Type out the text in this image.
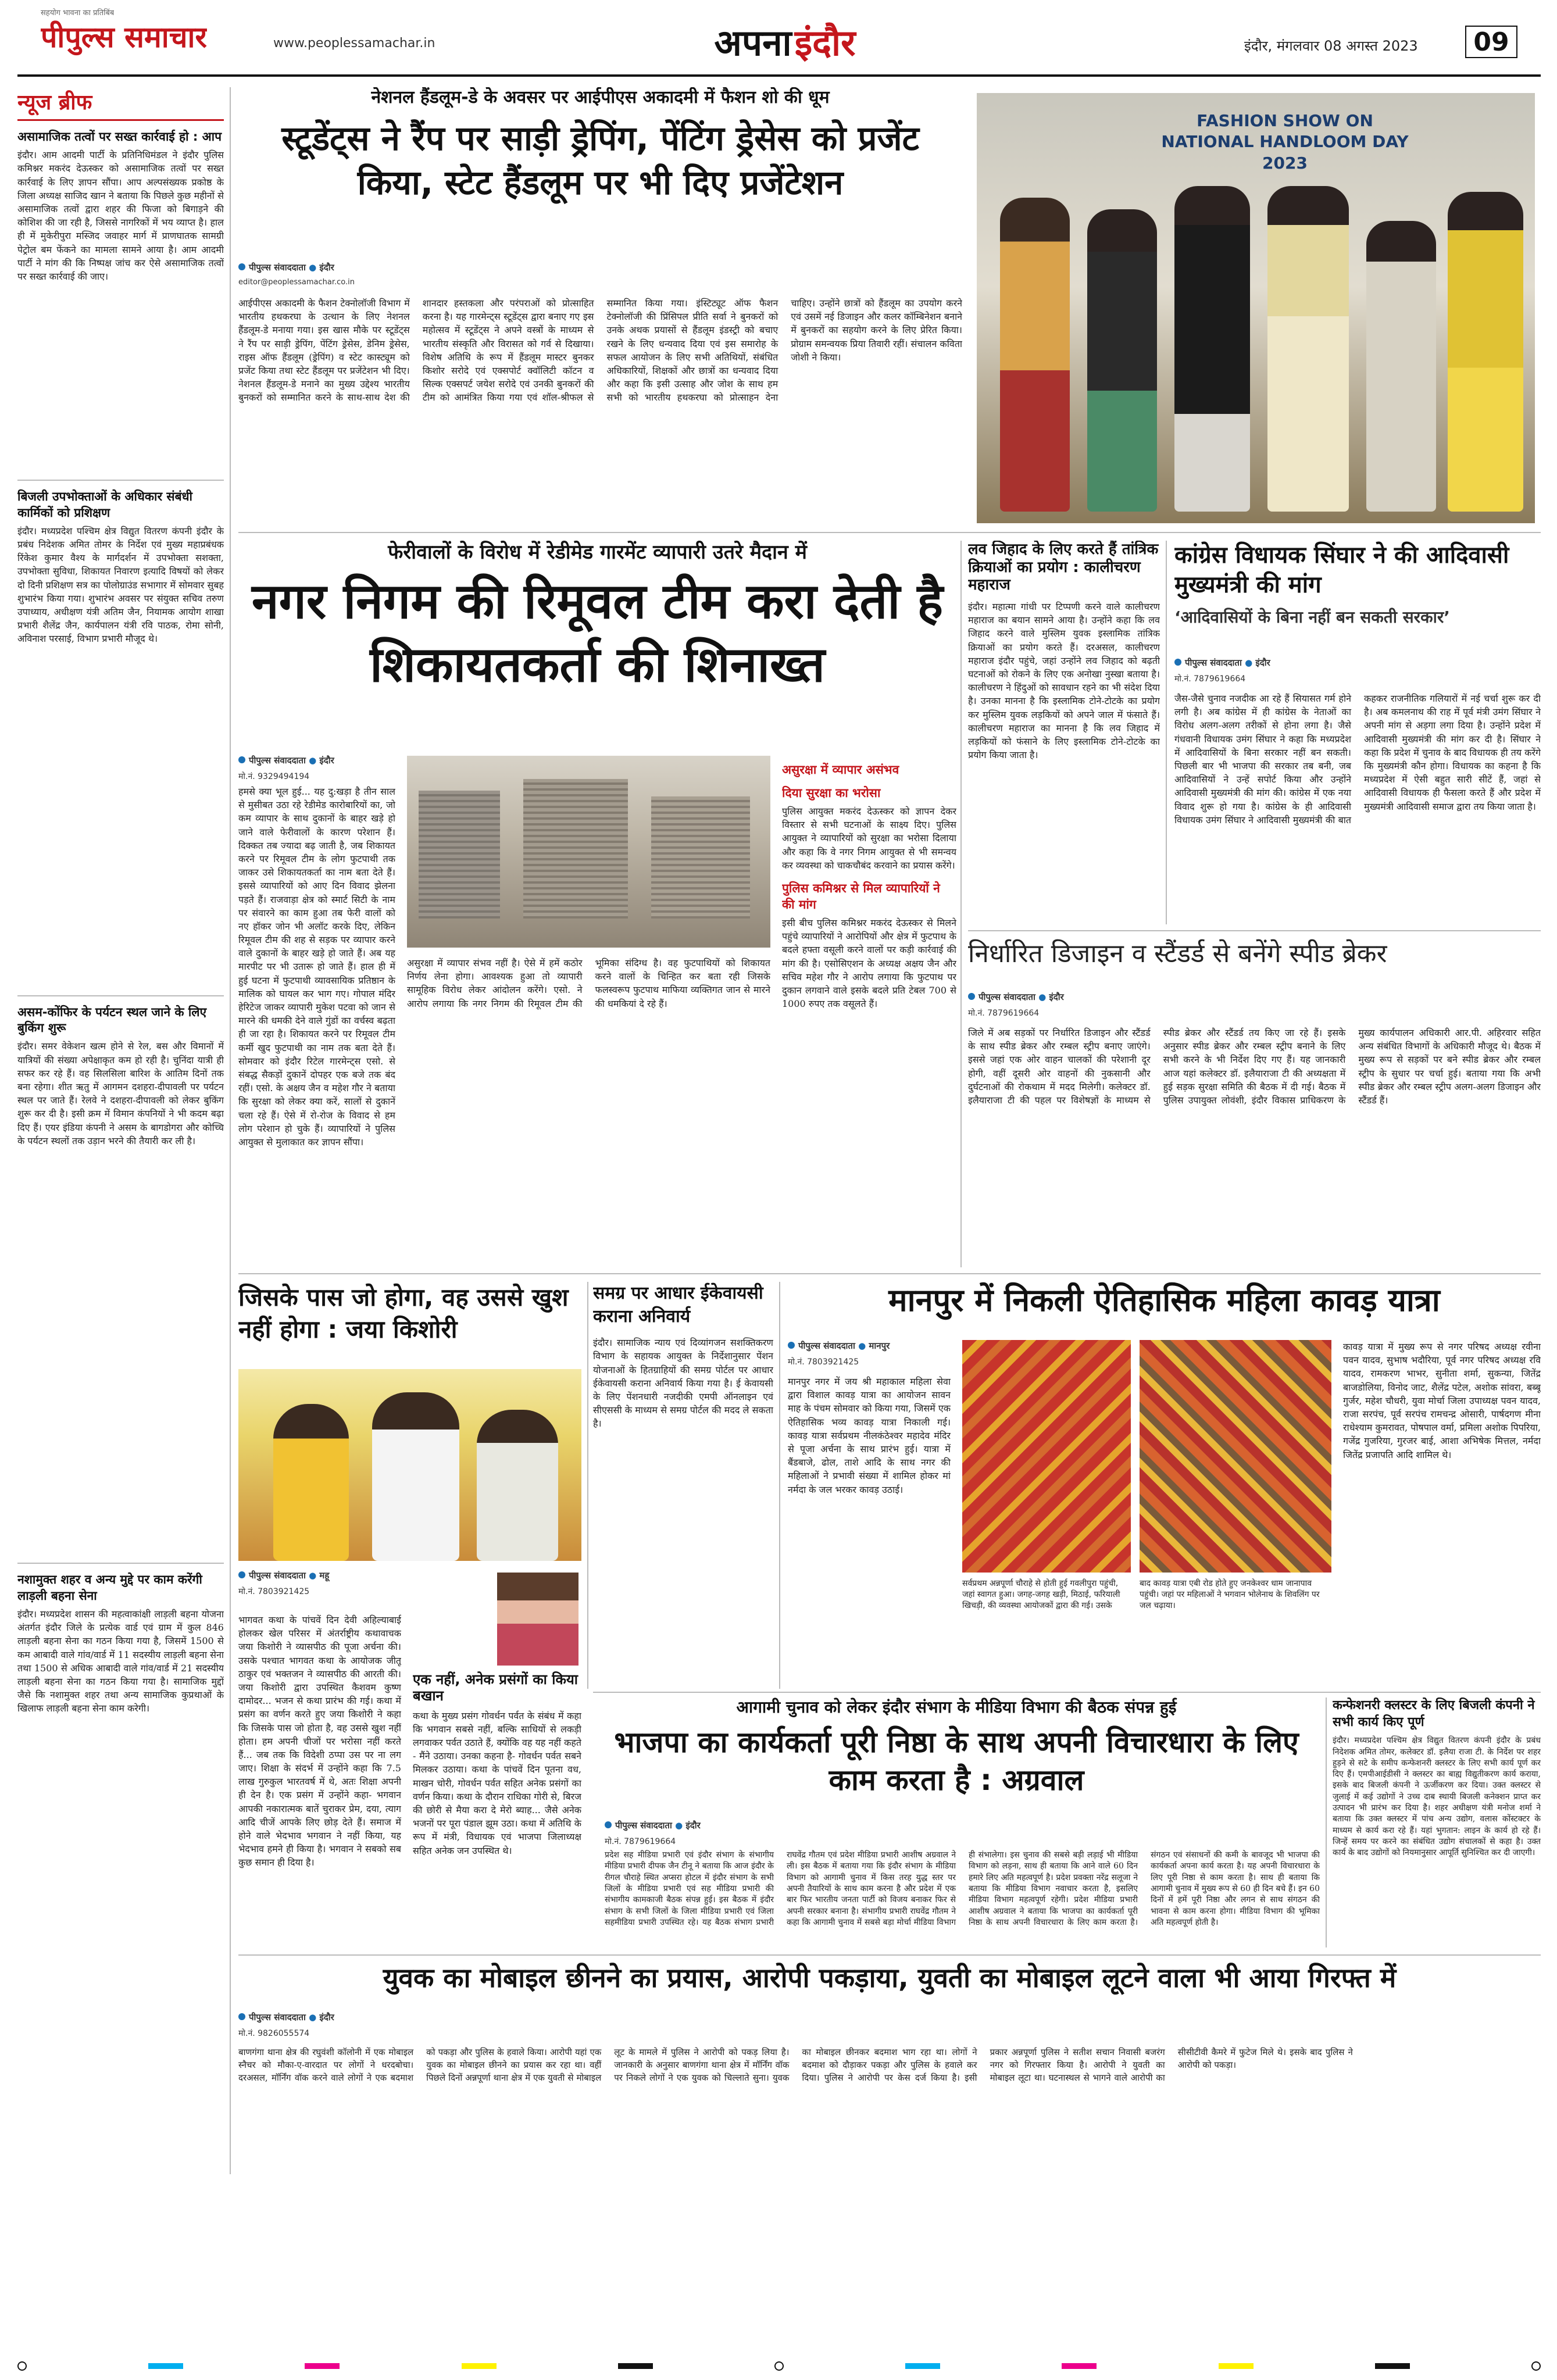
सहयोग भावना का प्रतिबिंब
पीपुल्स समाचार	www.peoplessamachar.in	अपना इंदौर	इंदौर, मंगलवार 08 अगस्त 2023	09
न्यूज ब्रीफ
असामाजिक तत्वों पर सख्त कार्रवाई हो : आप
इंदौर। आम आदमी पार्टी के प्रतिनिधिमंडल ने इंदौर पुलिस कमिश्नर मकरंद देऊस्कर को असामाजिक तत्वों पर सख्त कार्रवाई के लिए ज्ञापन सौंपा। आप अल्पसंख्यक प्रकोष्ठ के जिला अध्यक्ष साजिद खान ने बताया कि पिछले कुछ महीनों से असामाजिक तत्वों द्वारा शहर की फिजा को बिगाड़ने की कोशिश की जा रही है, जिससे नागरिकों में भय व्याप्त है। हाल ही में मुकेरीपुरा मस्जिद जवाहर मार्ग में प्राणघातक सामग्री पेट्रोल बम फेंकने का मामला सामने आया है। आम आदमी पार्टी ने मांग की कि निष्पक्ष जांच कर ऐसे असामाजिक तत्वों पर सख्त कार्रवाई की जाए।
बिजली उपभोक्ताओं के अधिकार संबंधी कार्मिकों को प्रशिक्षण
इंदौर। मध्यप्रदेश पश्चिम क्षेत्र विद्युत वितरण कंपनी इंदौर के प्रबंध निदेशक अमित तोमर के निर्देश एवं मुख्य महाप्रबंधक रिंकेश कुमार वैश्य के मार्गदर्शन में उपभोक्ता सशक्ता, उपभोक्ता सुविधा, शिकायत निवारण इत्यादि विषयों को लेकर दो दिनी प्रशिक्षण सत्र का पोलोग्राउंड सभागार में सोमवार सुबह शुभारंभ किया गया। शुभारंभ अवसर पर संयुक्त सचिव तरुण उपाध्याय, अधीक्षण यंत्री अतिम जैन, नियामक आयोग शाखा प्रभारी शैलेंद्र जैन, कार्यपालन यंत्री रवि पाठक, रोमा सोनी, अविनाश परसाई, विभाग प्रभारी मौजूद थे।
असम-कोंफिर के पर्यटन स्थल जाने के लिए बुकिंग शुरू
इंदौर। समर वेकेशन खत्म होने से रेल, बस और विमानों में यात्रियों की संख्या अपेक्षाकृत कम हो रही है। चुनिंदा यात्री ही सफर कर रहे हैं। वह सिलसिला बारिश के आतिम दिनों तक बना रहेगा। शीत ऋतु में आगमन दशहरा-दीपावली पर पर्यटन स्थल पर जाते हैं। रेलवे ने दशहरा-दीपावली को लेकर बुकिंग शुरू कर दी है। इसी क्रम में विमान कंपनियों ने भी कदम बढ़ा दिए हैं। एयर इंडिया कंपनी ने असम के बागडोगरा और कोच्चि के पर्यटन स्थलों तक उड़ान भरने की तैयारी कर ली है।
नशामुक्त शहर व अन्य मुद्दे पर काम करेंगी लाड़ली बहना सेना
इंदौर। मध्यप्रदेश शासन की महत्वाकांक्षी लाड़ली बहना योजना अंतर्गत इंदौर जिले के प्रत्येक वार्ड एवं ग्राम में कुल 846 लाड़ली बहना सेना का गठन किया गया है, जिसमें 1500 से कम आबादी वाले गांव/वार्ड में 11 सदस्यीय लाड़ली बहना सेना तथा 1500 से अधिक आबादी वाले गांव/वार्ड में 21 सदस्यीय लाड़ली बहना सेना का गठन किया गया है। सामाजिक मुद्दों जैसे कि नशामुक्त शहर तथा अन्य सामाजिक कुप्रथाओं के खिलाफ लाड़ली बहना सेना काम करेगी।
नेशनल हैंडलूम-डे के अवसर पर आईपीएस अकादमी में फैशन शो की धूम
स्टूडेंट्स ने रैंप पर साड़ी ड्रेपिंग, पेंटिंग ड्रेसेस को प्रजेंट किया, स्टेट हैंडलूम पर भी दिए प्रजेंटेशन
पीपुल्स संवाददाता ● इंदौर
editor@peoplessamachar.co.in
आईपीएस अकादमी के फैशन टेक्नोलॉजी विभाग में भारतीय हथकरघा के उत्थान के लिए नेशनल हैंडलूम-डे मनाया गया। इस खास मौके पर स्टूडेंट्स ने रैंप पर साड़ी ड्रेपिंग, पेंटिंग ड्रेसेस, डेनिम ड्रेसेस, राइस ऑफ हैंडलूम (ड्रेपिंग) व स्टेट कास्ट्यूम को प्रजेंट किया तथा स्टेट हैंडलूम पर प्रजेंटेशन भी दिए। नेशनल हैंडलूम-डे मनाने का मुख्य उद्देश्य भारतीय बुनकरों को सम्मानित करने के साथ-साथ देश की शानदार हस्तकला और परंपराओं को प्रोत्साहित करना है। यह गारमेन्ट्स स्टूडेंट्स द्वारा बनाए गए इस महोत्सव में स्टूडेंट्स ने अपने वस्त्रों के माध्यम से भारतीय संस्कृति और विरासत को गर्व से दिखाया। विशेष अतिथि के रूप में हैंडलूम मास्टर बुनकर किशोर सरोदे एवं एक्सपोर्ट क्वॉलिटी कॉटन व सिल्क एक्सपर्ट जयेश सरोदे एवं उनकी बुनकरों की टीम को आमंत्रित किया गया एवं शॉल-श्रीफल से सम्मानित किया गया। इंस्टिट्यूट ऑफ फैशन टेक्नोलॉजी की प्रिंसिपल प्रीति सर्वा ने बुनकरों को उनके अथक प्रयासों से हैंडलूम इंडस्ट्री को बचाए रखने के लिए धन्यवाद दिया एवं इस समारोह के सफल आयोजन के लिए सभी अतिथियों, संबंधित अधिकारियों, शिक्षकों और छात्रों का धन्यवाद दिया और कहा कि इसी उत्साह और जोश के साथ हम सभी को भारतीय हथकरघा को प्रोत्साहन देना चाहिए। उन्होंने छात्रों को हैंडलूम का उपयोग करने एवं उसमें नई डिजाइन और कलर कॉम्बिनेशन बनाने में बुनकरों का सहयोग करने के लिए प्रेरित किया। प्रोग्राम समन्वयक प्रिया तिवारी रहीं। संचालन कविता जोशी ने किया।
FASHION SHOW ON NATIONAL HANDLOOM DAY 2023
फेरीवालों के विरोध में रेडीमेड गारमेंट व्यापारी उतरे मैदान में
नगर निगम की रिमूवल टीम करा देती है शिकायतकर्ता की शिनाख्त
पीपुल्स संवाददाता ● इंदौर
मो.नं. 9329494194
हमसे क्या भूल हुई... यह दु:खड़ा है तीन साल से मुसीबत उठा रहे रेडीमेड कारोबारियों का, जो कम व्यापार के साथ दुकानों के बाहर खड़े हो जाने वाले फेरीवालों के कारण परेशान हैं। दिक्कत तब ज्यादा बढ़ जाती है, जब शिकायत करने पर रिमूवल टीम के लोग फुटपाथी तक जाकर उसे शिकायतकर्ता का नाम बता देते हैं। इससे व्यापारियों को आए दिन विवाद झेलना पड़ते हैं। राजवाड़ा क्षेत्र को स्मार्ट सिटी के नाम पर संवारने का काम हुआ तब फेरी वालों को नए हॉकर जोन भी अलॉट करके दिए, लेकिन रिमूवल टीम की शह से सड़क पर व्यापार करने वाले दुकानों के बाहर खड़े हो जाते हैं। अब यह मारपीट पर भी उतारू हो जाते हैं। हाल ही में हुई घटना में फुटपाथी व्यावसायिक प्रतिष्ठान के मालिक को घायल कर भाग गए। गोपाल मंदिर हेरिटेज जाकर व्यापारी मुकेश पटवा को जान से मारने की धमकी देने वाले गुंडों का वर्चस्व बढ़ता ही जा रहा है। शिकायत करने पर रिमूवल टीम कर्मी खुद फुटपाथी का नाम तक बता देते हैं। सोमवार को इंदौर रिटेल गारमेन्ट्स एसो. से संबद्ध सैकड़ों दुकानें दोपहर एक बजे तक बंद रहीं। एसो. के अक्षय जैन व महेश गौर ने बताया कि सुरक्षा को लेकर क्या करें, सालों से दुकानें चला रहे हैं। ऐसे में रो-रोज के विवाद से हम लोग परेशान हो चुके हैं। व्यापारियों ने पुलिस आयुक्त से मुलाकात कर ज्ञापन सौंपा।
असुरक्षा में व्यापार संभव नहीं है। ऐसे में हमें कठोर निर्णय लेना होगा। आवश्यक हुआ तो व्यापारी सामूहिक विरोध लेकर आंदोलन करेंगे। एसो. ने आरोप लगाया कि नगर निगम की रिमूवल टीम की भूमिका संदिग्ध है। वह फुटपाथियों को शिकायत करने वालों के चिन्हित कर बता रही जिसके फलस्वरूप फुटपाथ माफिया व्यक्तिगत जान से मारने की धमकियां दे रहे हैं।
असुरक्षा में व्यापार असंभव
दिया सुरक्षा का भरोसा
पुलिस आयुक्त मकरंद देऊस्कर को ज्ञापन देकर विस्तार से सभी घटनाओं के साक्ष्य दिए। पुलिस आयुक्त ने व्यापारियों को सुरक्षा का भरोसा दिलाया और कहा कि वे नगर निगम आयुक्त से भी समन्वय कर व्यवस्था को चाकचौबंद करवाने का प्रयास करेंगे।
पुलिस कमिश्नर से मिल व्यापारियों ने की मांग
इसी बीच पुलिस कमिश्नर मकरंद देऊस्कर से मिलने पहुंचे व्यापारियों ने आरोपियों और क्षेत्र में फुटपाथ के बदले हफ्ता वसूली करने वालों पर कड़ी कार्रवाई की मांग की है। एसोसिएशन के अध्यक्ष अक्षय जैन और सचिव महेश गौर ने आरोप लगाया कि फुटपाथ पर दुकान लगवाने वाले इसके बदले प्रति टेबल 700 से 1000 रुपए तक वसूलते हैं।
लव जिहाद के लिए करते हैं तांत्रिक क्रियाओं का प्रयोग : कालीचरण महाराज
इंदौर। महात्मा गांधी पर टिप्पणी करने वाले कालीचरण महाराज का बयान सामने आया है। उन्होंने कहा कि लव जिहाद करने वाले मुस्लिम युवक इस्लामिक तांत्रिक क्रियाओं का प्रयोग करते हैं। दरअसल, कालीचरण महाराज इंदौर पहुंचे, जहां उन्होंने लव जिहाद को बढ़ती घटनाओं को रोकने के लिए एक अनोखा नुस्खा बताया है। कालीचरण ने हिंदुओं को सावधान रहने का भी संदेश दिया है। उनका मानना है कि इस्लामिक टोने-टोटके का प्रयोग कर मुस्लिम युवक लड़कियों को अपने जाल में फंसाते हैं। कालीचरण महाराज का मानना है कि लव जिहाद में लड़कियों को फंसाने के लिए इस्लामिक टोने-टोटके का प्रयोग किया जाता है।
कांग्रेस विधायक सिंघार ने की आदिवासी मुख्यमंत्री की मांग
‘आदिवासियों के बिना नहीं बन सकती सरकार’
पीपुल्स संवाददाता ● इंदौर
मो.नं. 7879619664
जैस-जैसे चुनाव नजदीक आ रहे हैं सियासत गर्म होने लगी है। अब कांग्रेस में ही कांग्रेस के नेताओं का विरोध अलग-अलग तरीकों से होना लगा है। जैसे गंधवानी विधायक उमंग सिंघार ने कहा कि मध्यप्रदेश में आदिवासियों के बिना सरकार नहीं बन सकती। पिछली बार भी भाजपा की सरकार तब बनी, जब आदिवासियों ने उन्हें सपोर्ट किया और उन्होंने आदिवासी मुख्यमंत्री की मांग की। कांग्रेस में एक नया विवाद शुरू हो गया है। कांग्रेस के ही आदिवासी विधायक उमंग सिंघार ने आदिवासी मुख्यमंत्री की बात कहकर राजनीतिक गलियारों में नई चर्चा शुरू कर दी है। अब कमलनाथ की राह में पूर्व मंत्री उमंग सिंघार ने अपनी मांग से अड़गा लगा दिया है। उन्होंने प्रदेश में आदिवासी मुख्यमंत्री की मांग कर दी है। सिंघार ने कहा कि प्रदेश में चुनाव के बाद विधायक ही तय करेंगे कि मुख्यमंत्री कौन होगा। विधायक का कहना है कि मध्यप्रदेश में ऐसी बहुत सारी सीटें हैं, जहां से आदिवासी विधायक ही फैसला करते हैं और प्रदेश में मुख्यमंत्री आदिवासी समाज द्वारा तय किया जाता है।
निर्धारित डिजाइन व स्टैंडर्ड से बनेंगे स्पीड ब्रेकर
पीपुल्स संवाददाता ● इंदौर
मो.नं. 7879619664
जिले में अब सड़कों पर निर्धारित डिजाइन और स्टैंडर्ड के साथ स्पीड ब्रेकर और रम्बल स्ट्रीप बनाए जाएंगे। इससे जहां एक ओर वाहन चालकों की परेशानी दूर होगी, वहीं दूसरी ओर वाहनों की नुकसानी और दुर्घटनाओं की रोकथाम में मदद मिलेगी। कलेक्टर डॉ. इलैयाराजा टी की पहल पर विशेषज्ञों के माध्यम से स्पीड ब्रेकर और स्टैंडर्ड तय किए जा रहे हैं। इसके अनुसार स्पीड ब्रेकर और रम्बल स्ट्रीप बनाने के लिए सभी करने के भी निर्देश दिए गए हैं। यह जानकारी आज यहां कलेक्टर डॉ. इलैयाराजा टी की अध्यक्षता में हुई सड़क सुरक्षा समिति की बैठक में दी गई। बैठक में पुलिस उपायुक्त लोवंशी, इंदौर विकास प्राधिकरण के मुख्य कार्यपालन अधिकारी आर.पी. अहिरवार सहित अन्य संबंधित विभागों के अधिकारी मौजूद थे। बैठक में मुख्य रूप से सड़कों पर बने स्पीड ब्रेकर और रम्बल स्ट्रीप के सुधार पर चर्चा हुई। बताया गया कि अभी स्पीड ब्रेकर और रम्बल स्ट्रीप अलग-अलग डिजाइन और स्टैंडर्ड हैं।
जिसके पास जो होगा, वह उससे खुश नहीं होगा : जया किशोरी
पीपुल्स संवाददाता ● महू
मो.नं. 7803921425
भागवत कथा के पांचवें दिन देवी अहिल्याबाई होलकर खेल परिसर में अंतर्राष्ट्रीय कथावाचक जया किशोरी ने व्यासपीठ की पूजा अर्चना की। उसके पश्चात भागवत कथा के आयोजक जीतू ठाकुर एवं भक्तजन ने व्यासपीठ की आरती की। जया किशोरी द्वारा उपस्थित कैशवम कुष्ण दामोदर... भजन से कथा प्रारंभ की गई। कथा में प्रसंग का वर्णन करते हुए जया किशोरी ने कहा कि जिसके पास जो होता है, वह उससे खुश नहीं होता। हम अपनी चीजों पर भरोसा नहीं करते हैं... जब तक कि विदेशी ठप्पा उस पर ना लग जाए। शिक्षा के संदर्भ में उन्होंने कहा कि 7.5 लाख गुरुकुल भारतवर्ष में थे, अतः शिक्षा अपनी ही देन है। एक प्रसंग में उन्होंने कहा- भगवान आपकी नकारात्मक बातें चुराकर प्रेम, दया, त्याग आदि चीजें आपके लिए छोड़ देते हैं। समाज में होने वाले भेदभाव भगवान ने नहीं किया, यह भेदभाव हमने ही किया है। भगवान ने सबको सब कुछ समान ही दिया है।
एक नहीं, अनेक प्रसंगों का किया बखान
कथा के मुख्य प्रसंग गोवर्धन पर्वत के संबंध में कहा कि भगवान सबसे नहीं, बल्कि साधियों से लकड़ी लगवाकर पर्वत उठाते हैं, क्योंकि वह यह नहीं कहते - मैंने उठाया। उनका कहना है- गोवर्धन पर्वत सबने मिलकर उठाया। कथा के पांचवें दिन पूतना वध, माखन चोरी, गोवर्धन पर्वत सहित अनेक प्रसंगों का वर्णन किया। कथा के दौरान राधिका गोरी से, बिरज की छोरी से मैया करा दे मेरो ब्याह... जैसे अनेक भजनों पर पूरा पंडाल झूम उठा। कथा में अतिथि के रूप में मंत्री, विधायक एवं भाजपा जिलाध्यक्ष सहित अनेक जन उपस्थित थे।
समग्र पर आधार ईकेवायसी कराना अनिवार्य
इंदौर। सामाजिक न्याय एवं दिव्यांगजन सशक्तिकरण विभाग के सहायक आयुक्त के निर्देशानुसार पेंशन योजनाओं के हितग्राहियों की समग्र पोर्टल पर आधार ईकेवायसी कराना अनिवार्य किया गया है। ई केवायसी के लिए पेंशनधारी नजदीकी एमपी ऑनलाइन एवं सीएससी के माध्यम से समग्र पोर्टल की मदद ले सकता है।
मानपुर में निकली ऐतिहासिक महिला कावड़ यात्रा
पीपुल्स संवाददाता ● मानपुर
मो.नं. 7803921425
मानपुर नगर में जय श्री महाकाल महिला सेवा द्वारा विशाल कावड़ यात्रा का आयोजन सावन माह के पंचम सोमवार को किया गया, जिसमें एक ऐतिहासिक भव्य कावड़ यात्रा निकाली गई। कावड़ यात्रा सर्वप्रथम नीलकंठेश्वर महादेव मंदिर से पूजा अर्चना के साथ प्रारंभ हुई। यात्रा में बैंडबाजे, ढोल, ताशे आदि के साथ नगर की महिलाओं ने प्रभावी संख्या में शामिल होकर मां नर्मदा के जल भरकर कावड़ उठाई।
सर्वप्रथम अन्नपूर्णा चौराहे से होती हुई गवलीपुरा पहुंची, जहां स्वागत हुआ। जगह-जगह खड़ी, मिठाई, फरियाली खिचड़ी, की व्यवस्था आयोजकों द्वारा की गई। उसके
बाद कावड़ यात्रा एबी रोड होते हुए जनकेश्वर धाम जानापाव पहुंची। जहां पर महिलाओं ने भगवान भोलेनाथ के शिवलिंग पर जल चढ़ाया।
कावड़ यात्रा में मुख्य रूप से नगर परिषद अध्यक्ष रवीना पवन यादव, सुभाष भदौरिया, पूर्व नगर परिषद अध्यक्ष रवि यादव, रामकरण भाभर, सुनीता शर्मा, सुकन्या, जितेंद्र बाजडोलिया, विनोद जाट, शैलेंद्र पटेल, अशोक सांवरा, बब्बू गुर्जर, महेश चौधरी, युवा मोर्चा जिला उपाध्यक्ष पवन यादव, राजा सरपंच, पूर्व सरपंच रामचन्द्र ओसारी, पार्षदगण मीना राधेश्याम कुमरावत, पोषपाल वर्मा, प्रमिला अशोक पिपरिया, गजेंद्र गुजरिया, गुरजर बाई, आशा अभिषेक मित्तल, नर्मदा जितेंद्र प्रजापति आदि शामिल थे।
आगामी चुनाव को लेकर इंदौर संभाग के मीडिया विभाग की बैठक संपन्न हुई
भाजपा का कार्यकर्ता पूरी निष्ठा के साथ अपनी विचारधारा के लिए काम करता है : अग्रवाल
पीपुल्स संवाददाता ● इंदौर
मो.नं. 7879619664
प्रदेश सह मीडिया प्रभारी एवं इंदौर संभाग के संभागीय मीडिया प्रभारी दीपक जैन टीनू ने बताया कि आज इंदौर के रीगल चौराहे स्थित अप्सरा होटल में इंदौर संभाग के सभी जिलों के मीडिया प्रभारी एवं सह मीडिया प्रभारी की संभागीय कामकाजी बैठक संपन्न हुई। इस बैठक में इंदौर संभाग के सभी जिलों के जिला मीडिया प्रभारी एवं जिला सहमीडिया प्रभारी उपस्थित रहे। यह बैठक संभाग प्रभारी राघवेंद्र गौतम एवं प्रदेश मीडिया प्रभारी आशीष अग्रवाल ने ली। इस बैठक में बताया गया कि इंदौर संभाग के मीडिया विभाग को आगामी चुनाव में किस तरह युद्ध स्तर पर अपनी तैयारियों के साथ काम करना है और प्रदेश में एक बार फिर भारतीय जनता पार्टी को विजय बनाकर फिर से अपनी सरकार बनाना है। संभागीय प्रभारी राघवेंद्र गौतम ने कहा कि आगामी चुनाव में सबसे बड़ा मोर्चा मीडिया विभाग ही संभालेगा। इस चुनाव की सबसे बड़ी लड़ाई भी मीडिया विभाग को लड़ना, साथ ही बताया कि आने वाले 60 दिन हमारे लिए अति महत्वपूर्ण है। प्रदेश प्रवक्ता नरेंद्र सलूजा ने बताया कि मीडिया विभाग नवाचार करता है, इसलिए मीडिया विभाग महत्वपूर्ण रहेगी। प्रदेश मीडिया प्रभारी आशीष अग्रवाल ने बताया कि भाजपा का कार्यकर्ता पूरी निष्ठा के साथ अपनी विचारधारा के लिए काम करता है। संगठन एवं संसाधनों की कमी के बावजूद भी भाजपा की कार्यकर्ता अपना कार्य करता है। यह अपनी विचारधारा के लिए पूरी निष्ठा से काम करता है। साथ ही बताया कि आगामी चुनाव में मुख्य रूप से 60 ही दिन बचे हैं। इन 60 दिनों में हमें पूरी निष्ठा और लगन से साथ संगठन की भावना से काम करना होगा। मीडिया विभाग की भूमिका अति महत्वपूर्ण होती है।
कन्फेशनरी क्लस्टर के लिए बिजली कंपनी ने सभी कार्य किए पूर्ण
इंदौर। मध्यप्रदेश पश्चिम क्षेत्र विद्युत वितरण कंपनी इंदौर के प्रबंध निदेशक अमित तोमर, कलेक्टर डॉ. इलैया राजा टी. के निर्देश पर शहर हुड़ने से सटे के समीप कन्फेशनरी क्लस्टर के लिए सभी कार्य पूर्ण कर दिए हैं। एमपीआईडीसी ने क्लस्टर का बाह्य विद्युतीकरण कार्य कराया, इसके बाद बिजली कंपनी ने ऊर्जीकरण कर दिया। उक्त क्लस्टर से जुलाई में कई उद्योगों ने उच्च दाब स्थायी बिजली कनेक्शन प्राप्त कर उत्पादन भी प्रारंभ कर दिया है। शहर अधीक्षण यंत्री मनोज शर्मा ने बताया कि उक्त क्लस्टर में पांच अन्य उद्योग, वलास कोंस्टक्टर के माध्यम से कार्य करा रहे हैं। यहां भुगतान: लाइन के कार्य हो रहे हैं। जिन्हें समय पर करने का संबंधित उद्योग संचालकों से कहा है। उक्त कार्य के बाद उद्योगों को नियमानुसार आपूर्ति सुनिश्चित कर दी जाएगी।
युवक का मोबाइल छीनने का प्रयास, आरोपी पकड़ाया, युवती का मोबाइल लूटने वाला भी आया गिरफ्त में
पीपुल्स संवाददाता ● इंदौर
मो.नं. 9826055574
बाणगंगा थाना क्षेत्र की रघुवंशी कॉलोनी में एक मोबाइल स्नैचर को मौका-ए-वारदात पर लोगों ने धरदबोचा। दरअसल, मॉर्निंग वॉक करने वाले लोगों ने एक बदमाश को पकड़ा और पुलिस के हवाले किया। आरोपी यहां एक युवक का मोबाइल छीनने का प्रयास कर रहा था। वहीं पिछले दिनों अन्नपूर्णा थाना क्षेत्र में एक युवती से मोबाइल लूट के मामले में पुलिस ने आरोपी को पकड़ लिया है। जानकारी के अनुसार बाणगंगा थाना क्षेत्र में मॉर्निंग वॉक पर निकले लोगों ने एक युवक को चिल्लाते सुना। युवक का मोबाइल छीनकर बदमाश भाग रहा था। लोगों ने बदमाश को दौड़ाकर पकड़ा और पुलिस के हवाले कर दिया। पुलिस ने आरोपी पर केस दर्ज किया है। इसी प्रकार अन्नपूर्णा पुलिस ने सतीश सचान निवासी बजरंग नगर को गिरफ्तार किया है। आरोपी ने युवती का मोबाइल लूटा था। घटनास्थल से भागने वाले आरोपी का सीसीटीवी कैमरे में फुटेज मिले थे। इसके बाद पुलिस ने आरोपी को पकड़ा।
